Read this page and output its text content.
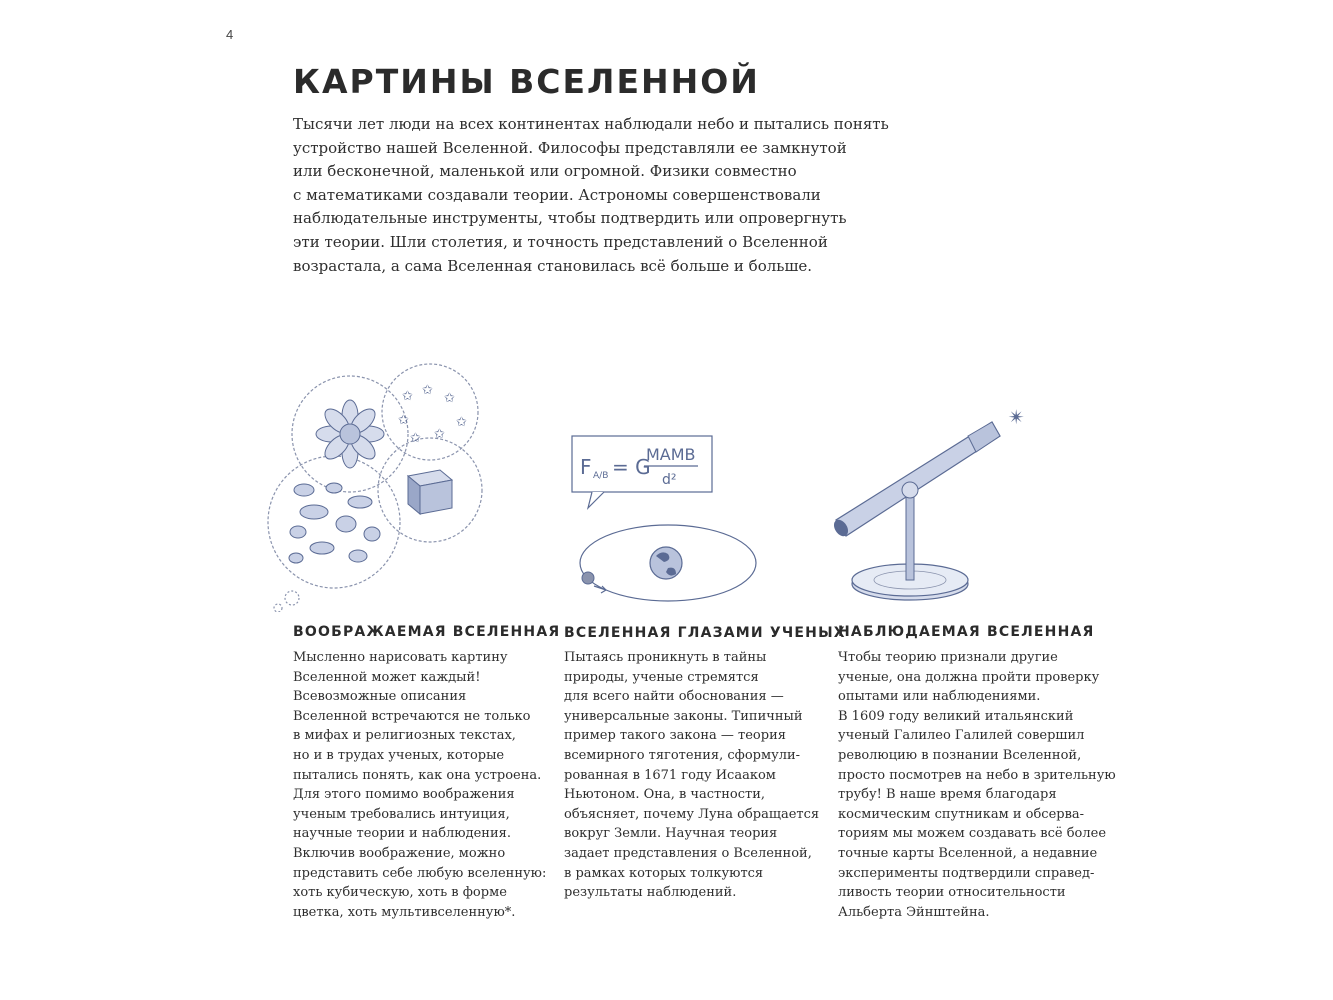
4
КАРТИНЫ ВСЕЛЕННОЙ
Тысячи лет люди на всех континентах наблюдали небо и пытались понять
устройство нашей Вселенной. Философы представляли ее замкнутой
или бесконечной, маленькой или огромной. Физики совместно
с математиками создавали теории. Астрономы совершенствовали
наблюдательные инструменты, чтобы подтвердить или опровергнуть
эти теории. Шли столетия, и точность представлений о Вселенной
возрастала, а сама Вселенная становилась всё больше и больше.
✩ ✩
✩
✩	✩
✩ ✩
F A/B = G
MAMB
d²
✴
ВООБРАЖАЕМАЯ ВСЕЛЕННАЯ
Мысленно нарисовать картину
Вселенной может каждый!
Всевозможные описания
Вселенной встречаются не только
в мифах и религиозных текстах,
но и в трудах ученых, которые
пытались понять, как она устроена.
Для этого помимо воображения
ученым требовались интуиция,
научные теории и наблюдения.
Включив воображение, можно
представить себе любую вселенную:
хоть кубическую, хоть в форме
цветка, хоть мультивселенную*.
ВСЕЛЕННАЯ ГЛАЗАМИ УЧЕНЫХ
Пытаясь проникнуть в тайны
природы, ученые стремятся
для всего найти обоснования —
универсальные законы. Типичный
пример такого закона — теория
всемирного тяготения, сформули-
рованная в 1671 году Исааком
Ньютоном. Она, в частности,
объясняет, почему Луна обращается
вокруг Земли. Научная теория
задает представления о Вселенной,
в рамках которых толкуются
результаты наблюдений.
НАБЛЮДАЕМАЯ ВСЕЛЕННАЯ
Чтобы теорию признали другие
ученые, она должна пройти проверку
опытами или наблюдениями.
В 1609 году великий итальянский
ученый Галилео Галилей совершил
революцию в познании Вселенной,
просто посмотрев на небо в зрительную
трубу! В наше время благодаря
космическим спутникам и обсерва-
ториям мы можем создавать всё более
точные карты Вселенной, а недавние
эксперименты подтвердили справед-
ливость теории относительности
Альберта Эйнштейна.
